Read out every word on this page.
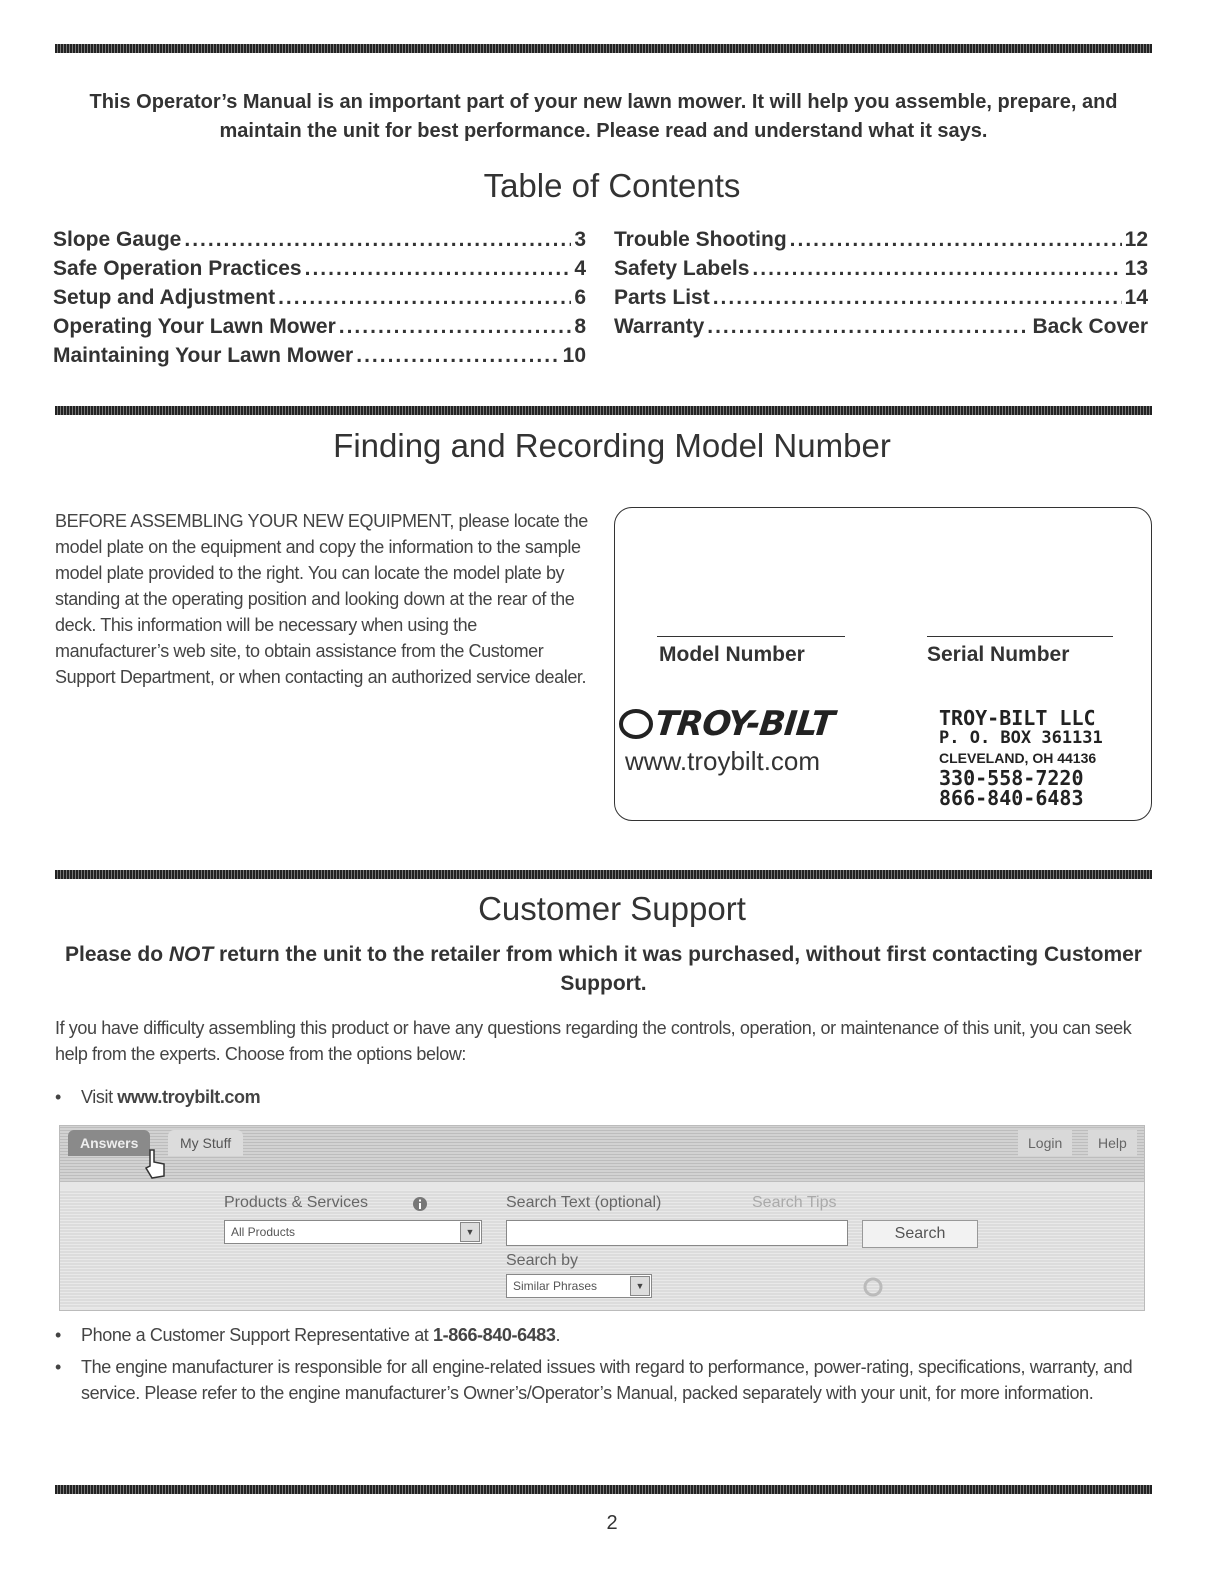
This Operator’s Manual is an important part of your new lawn mower. It will help you assemble, prepare, and maintain the unit for best performance. Please read and understand what it says.
Table of Contents
Slope Gauge .....	3
Safe Operation Practices .....	4
Setup and Adjustment .....	6
Operating Your Lawn Mower .....	8
Maintaining Your Lawn Mower .....	10
Trouble Shooting .....	12
Safety Labels .....	13
Parts List .....	14
Warranty .....	Back Cover
Finding and Recording Model Number
BEFORE ASSEMBLING YOUR NEW EQUIPMENT, please locate the model plate on the equipment and copy the information to the sample model plate provided to the right. You can locate the model plate by standing at the operating position and looking down at the rear of the deck. This information will be necessary when using the manufacturer’s web site, to obtain assistance from the Customer Support Department, or when contacting an authorized service dealer.
Model Number	Serial Number
TROY-BILT
www.troybilt.com
TROY-BILT LLC
P. O. BOX 361131
CLEVELAND, OH 44136
330-558-7220
866-840-6483
Customer Support
Please do NOT return the unit to the retailer from which it was purchased, without first contacting Customer Support.
If you have difficulty assembling this product or have any questions regarding the controls, operation, or maintenance of this unit, you can seek help from the experts. Choose from the options below:
•	Visit www.troybilt.com
Answers	My Stuff	Login	Help
Products & Services
All Products	▼
Search Text (optional)	Search Tips
Search
Search by
Similar Phrases	▼
•	Phone a Customer Support Representative at 1-866-840-6483.
•	The engine manufacturer is responsible for all engine-related issues with regard to performance, power-rating, specifications, warranty, and service. Please refer to the engine manufacturer’s Owner’s/Operator’s Manual, packed separately with your unit, for more information.
2
